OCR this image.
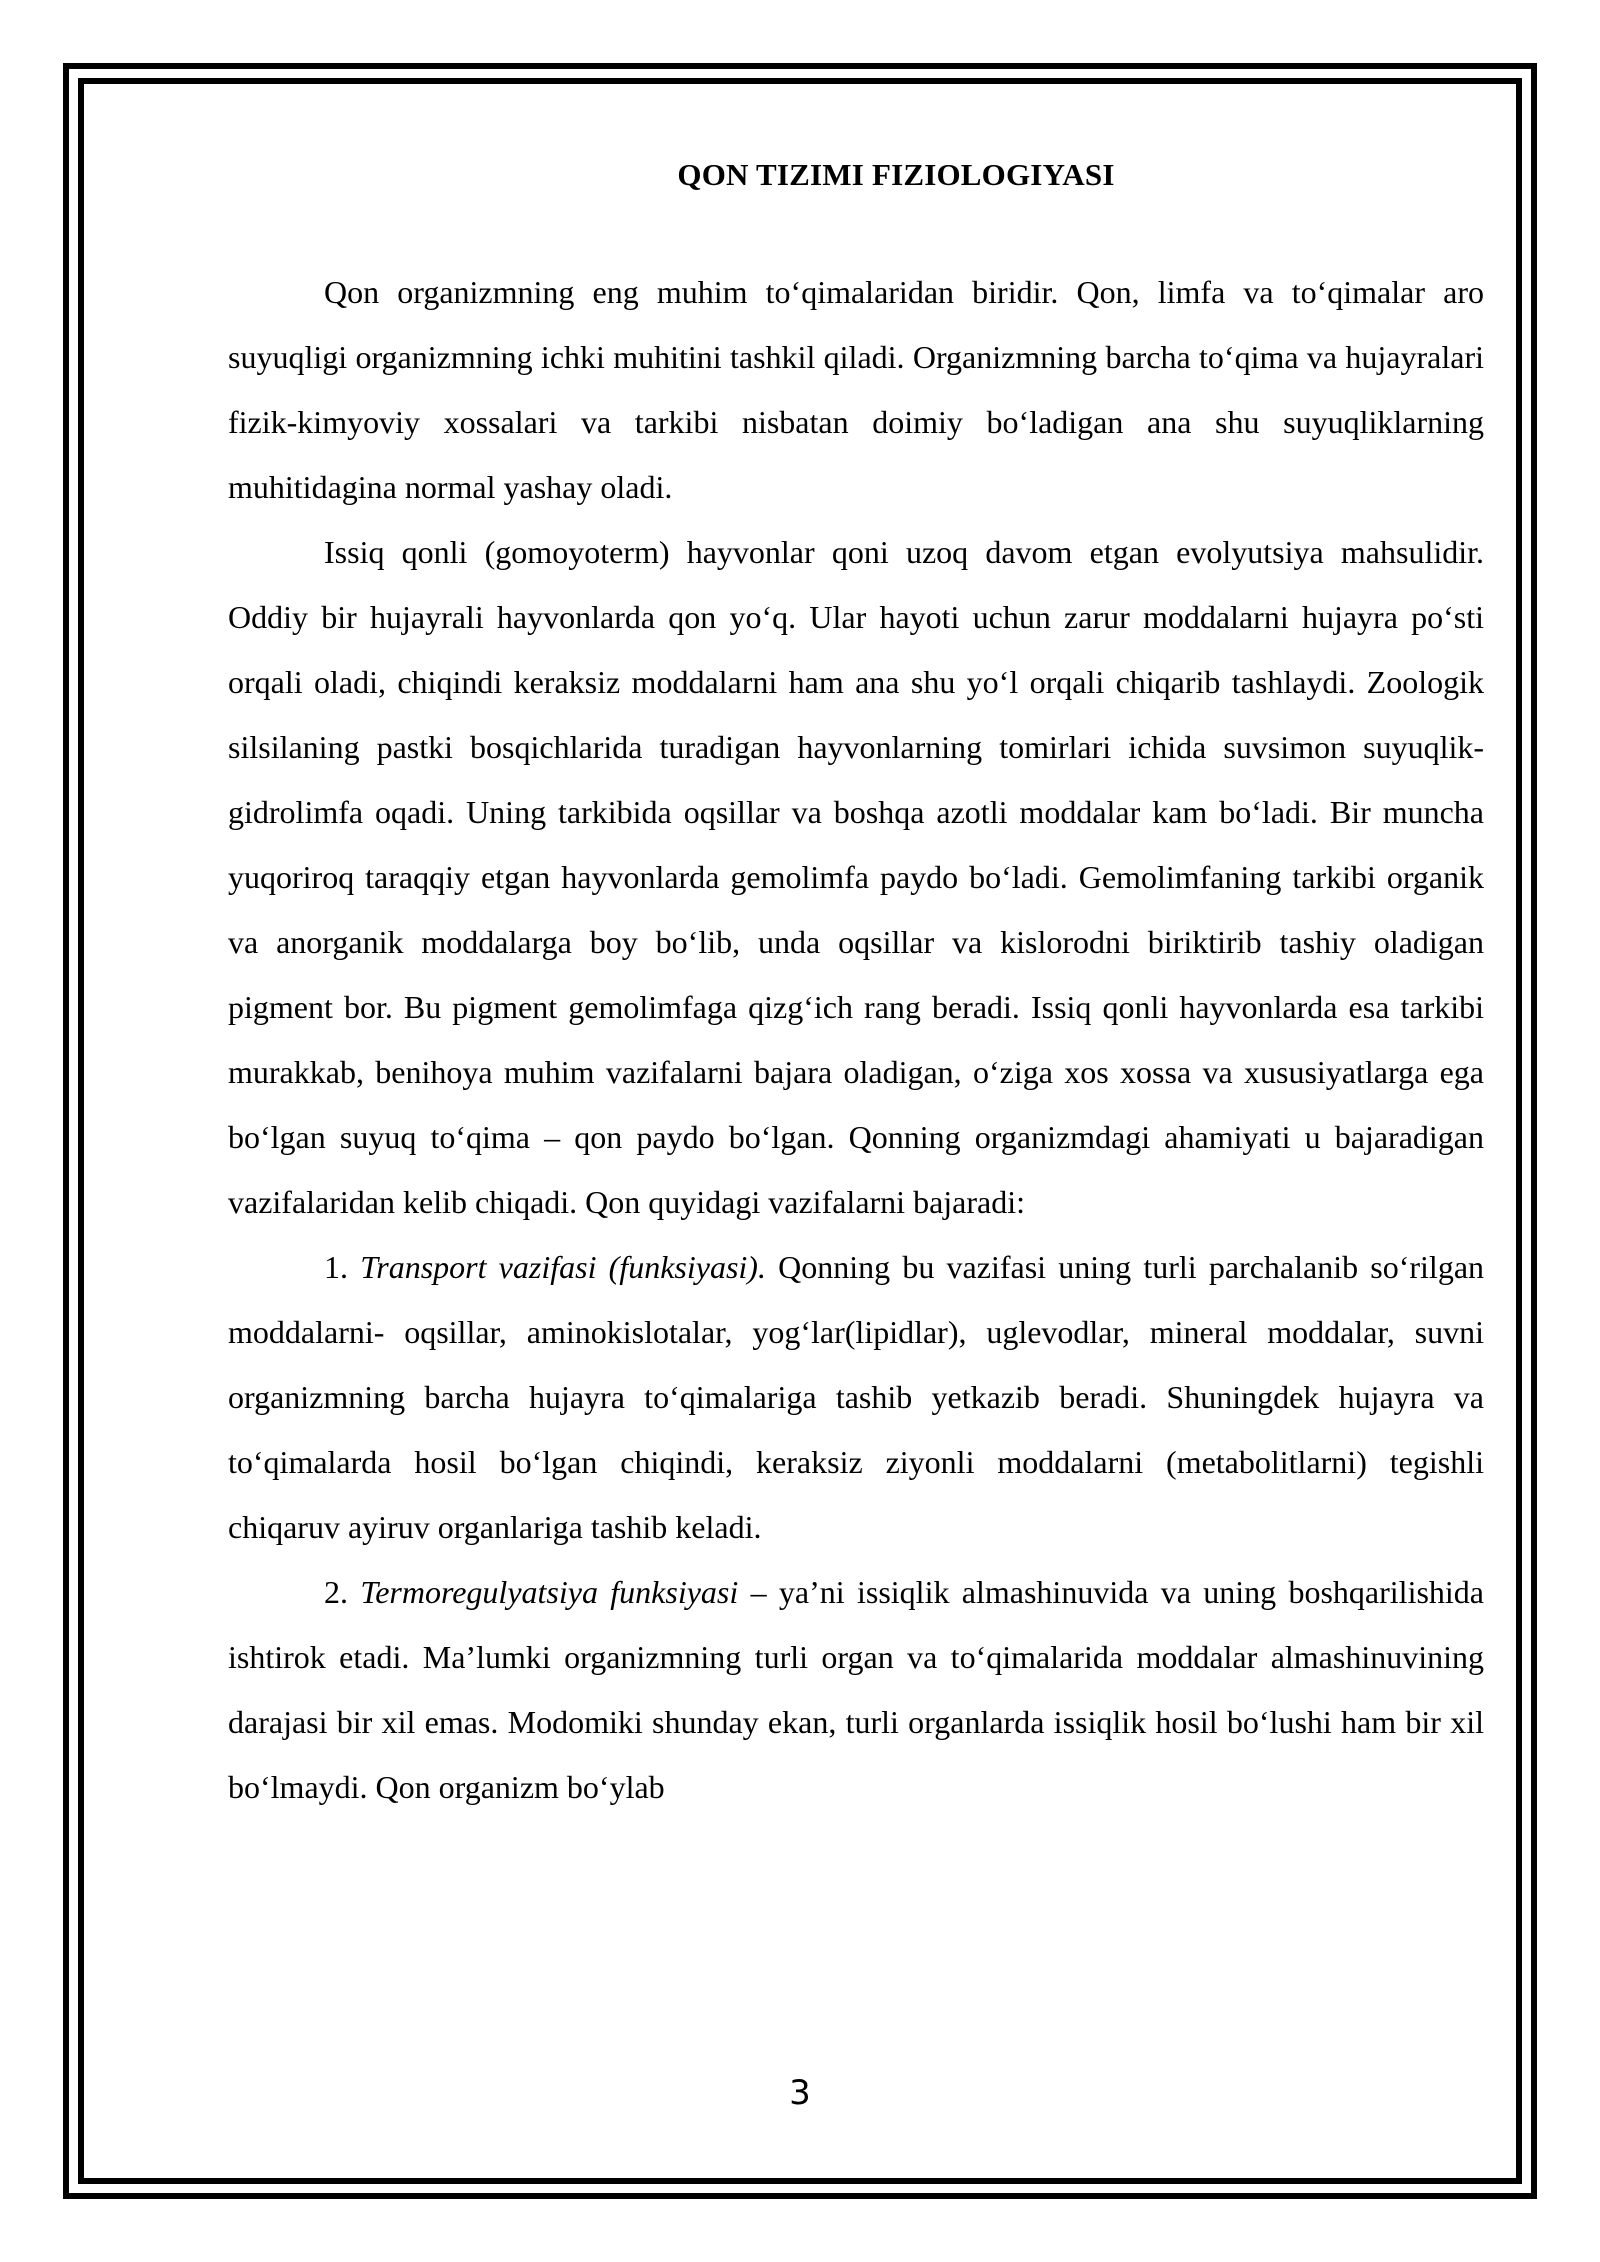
QON TIZIMI FIZIOLOGIYASI

Qon organizmning eng muhim to‘qimalaridan biridir. Qon, limfa va to‘qimalar aro suyuqligi organizmning ichki muhitini tashkil qiladi. Organizmning barcha to‘qima va hujayralari fizik-kimyoviy xossalari va tarkibi nisbatan doimiy bo‘ladigan ana shu suyuqliklarning muhitidagina normal yashay oladi.

Issiq qonli (gomoyoterm) hayvonlar qoni uzoq davom etgan evolyutsiya mahsulidir. Oddiy bir hujayrali hayvonlarda qon yo‘q. Ular hayoti uchun zarur moddalarni hujayra po‘sti orqali oladi, chiqindi keraksiz moddalarni ham ana shu yo‘l orqali chiqarib tashlaydi. Zoologik silsilaning pastki bosqichlarida turadigan hayvonlarning tomirlari ichida suvsimon suyuqlik-gidrolimfa oqadi. Uning tarkibida oqsillar va boshqa azotli moddalar kam bo‘ladi. Bir muncha yuqoriroq taraqqiy etgan hayvonlarda gemolimfa paydo bo‘ladi. Gemolimfaning tarkibi organik va anorganik moddalarga boy bo‘lib, unda oqsillar va kislorodni biriktirib tashiy oladigan pigment bor. Bu pigment gemolimfaga qizg‘ich rang beradi. Issiq qonli hayvonlarda esa tarkibi murakkab, benihoya muhim vazifalarni bajara oladigan, o‘ziga xos xossa va xususiyatlarga ega bo‘lgan suyuq to‘qima – qon paydo bo‘lgan. Qonning organizmdagi ahamiyati u bajaradigan vazifalaridan kelib chiqadi. Qon quyidagi vazifalarni bajaradi:

1. Transport vazifasi (funksiyasi). Qonning bu vazifasi uning turli parchalanib so‘rilgan moddalarni- oqsillar, aminokislotalar, yog‘lar(lipidlar), uglevodlar, mineral moddalar, suvni organizmning barcha hujayra to‘qimalariga tashib yetkazib beradi. Shuningdek hujayra va to‘qimalarda hosil bo‘lgan chiqindi, keraksiz ziyonli moddalarni (metabolitlarni) tegishli chiqaruv ayiruv organlariga tashib keladi.

2. Termoregulyatsiya funksiyasi – ya’ni issiqlik almashinuvida va uning boshqarilishida ishtirok etadi. Ma’lumki organizmning turli organ va to‘qimalarida moddalar almashinuvining darajasi bir xil emas. Modomiki shunday ekan, turli organlarda issiqlik hosil bo‘lushi ham bir xil bo‘lmaydi. Qon organizm bo‘ylab

3
